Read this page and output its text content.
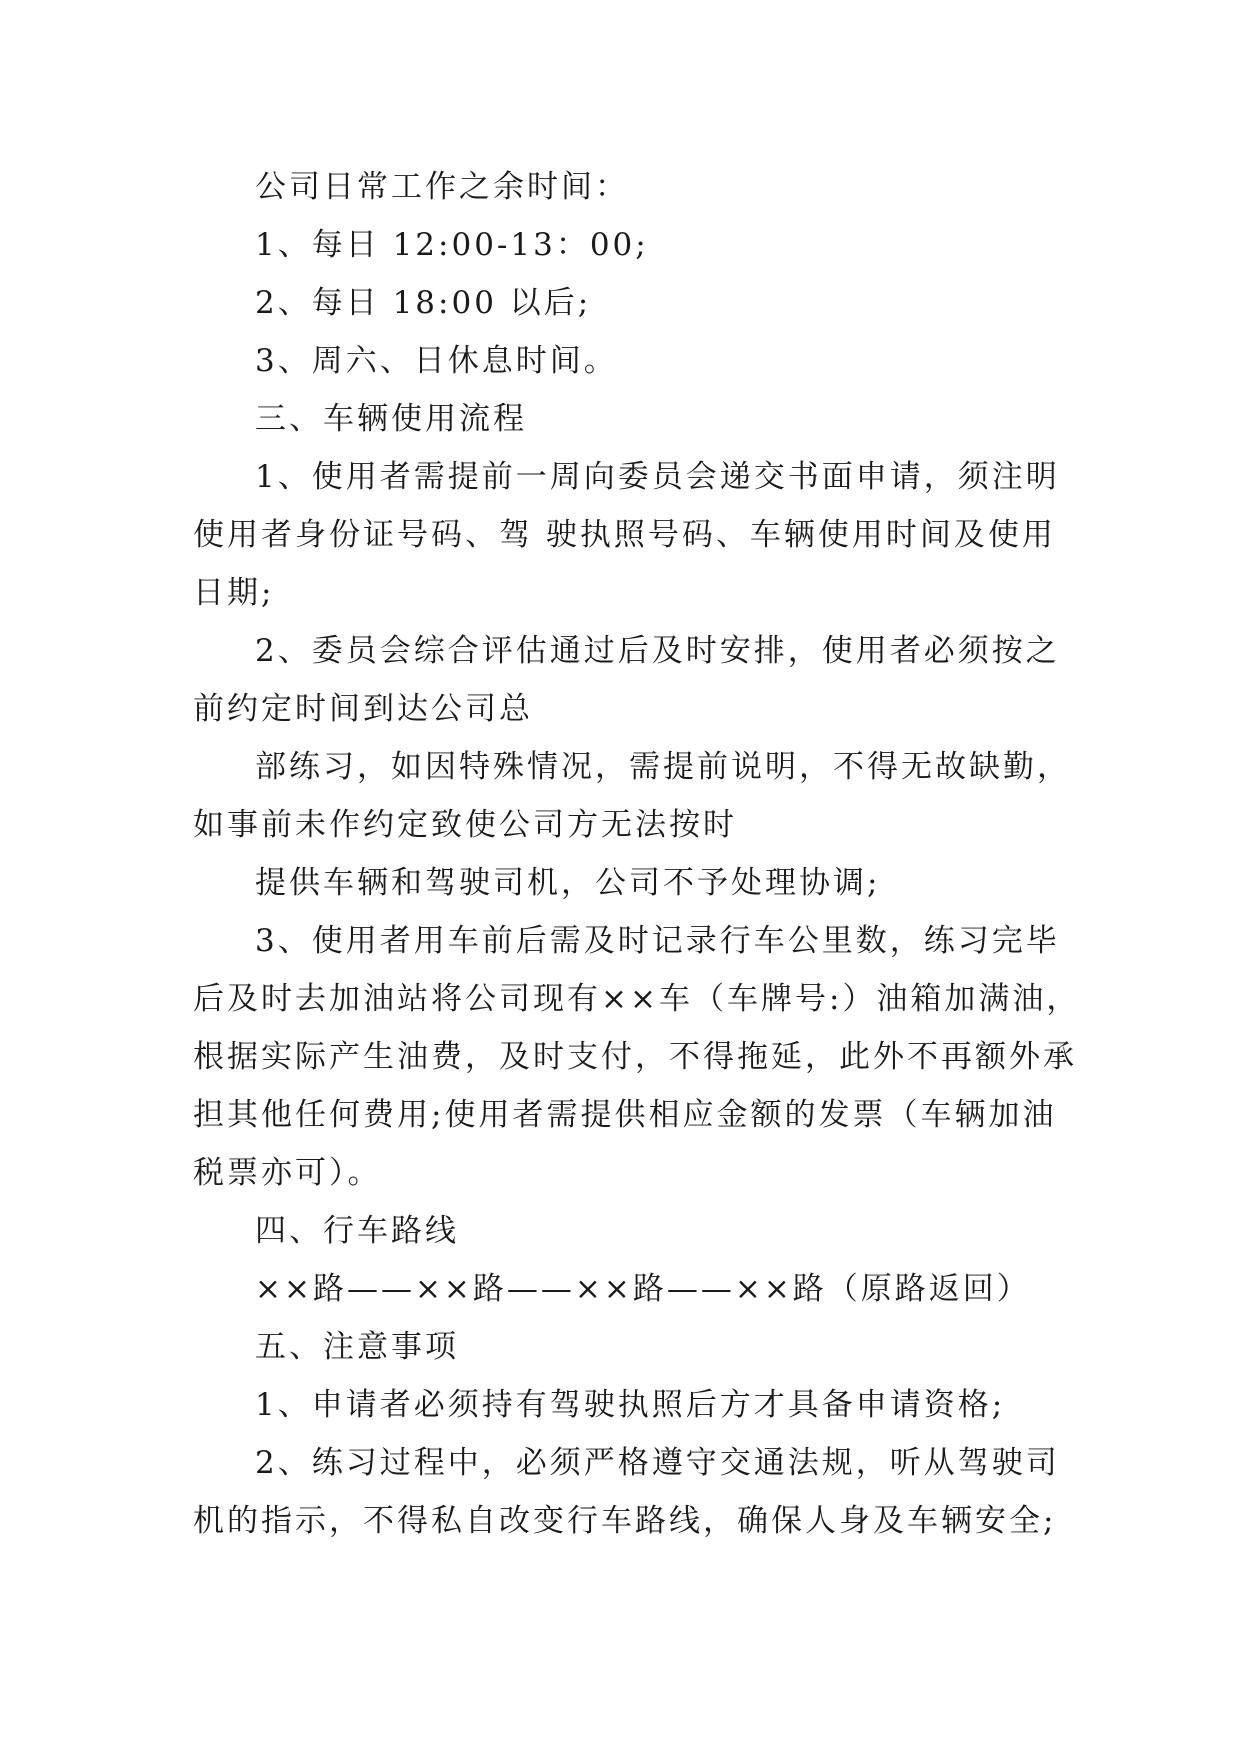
公司日常工作之余时间：
1、每日 12:00-13：00;
2、每日 18:00 以后;
3、周六、日休息时间。
三、车辆使用流程
1、使用者需提前一周向委员会递交书面申请，须注明
使用者身份证号码、驾 驶执照号码、车辆使用时间及使用
日期;
2、委员会综合评估通过后及时安排，使用者必须按之
前约定时间到达公司总
部练习，如因特殊情况，需提前说明，不得无故缺勤，
如事前未作约定致使公司方无法按时
提供车辆和驾驶司机，公司不予处理协调;
3、使用者用车前后需及时记录行车公里数，练习完毕
后及时去加油站将公司现有××车（车牌号:）油箱加满油，
根据实际产生油费，及时支付，不得拖延，此外不再额外承
担其他任何费用;使用者需提供相应金额的发票（车辆加油
税票亦可）。
四、行车路线
××路——××路——××路——××路（原路返回）
五、注意事项
1、申请者必须持有驾驶执照后方才具备申请资格;
2、练习过程中，必须严格遵守交通法规，听从驾驶司
机的指示，不得私自改变行车路线，确保人身及车辆安全;
